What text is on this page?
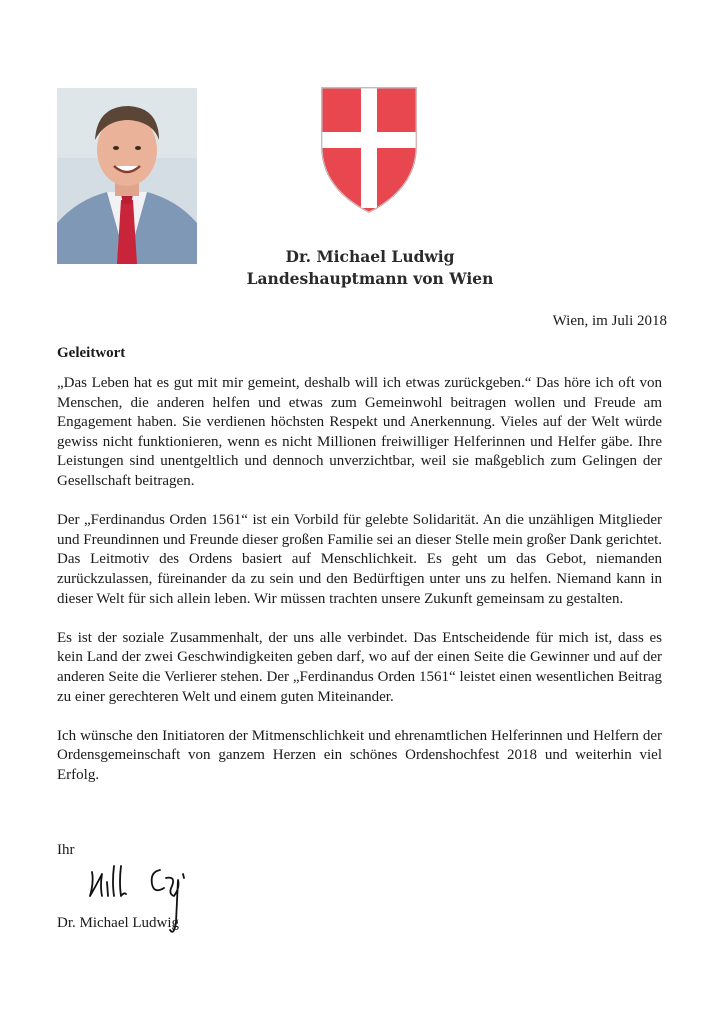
Dr. Michael Ludwig
Landeshauptmann von Wien
Wien, im Juli 2018
Geleitwort

„Das Leben hat es gut mit mir gemeint, deshalb will ich etwas zurückgeben.“ Das höre ich oft von Menschen, die anderen helfen und etwas zum Gemeinwohl beitragen wollen und Freude am Engagement haben. Sie verdienen höchsten Respekt und Anerkennung. Vieles auf der Welt würde gewiss nicht funktionieren, wenn es nicht Millionen freiwilliger Helferinnen und Helfer gäbe. Ihre Leistungen sind unentgeltlich und dennoch unverzichtbar, weil sie maßgeblich zum Gelingen der Gesellschaft beitragen.

Der „Ferdinandus Orden 1561“ ist ein Vorbild für gelebte Solidarität. An die unzähligen Mitglieder und Freundinnen und Freunde dieser großen Familie sei an dieser Stelle mein großer Dank gerichtet. Das Leitmotiv des Ordens basiert auf Menschlichkeit. Es geht um das Gebot, niemanden zurückzulassen, füreinander da zu sein und den Bedürftigen unter uns zu helfen. Niemand kann in dieser Welt für sich allein leben. Wir müssen trachten unsere Zukunft gemeinsam zu gestalten.

Es ist der soziale Zusammenhalt, der uns alle verbindet. Das Entscheidende für mich ist, dass es kein Land der zwei Geschwindigkeiten geben darf, wo auf der einen Seite die Gewinner und auf der anderen Seite die Verlierer stehen. Der „Ferdinandus Orden 1561“ leistet einen wesentlichen Beitrag zu einer gerechteren Welt und einem guten Miteinander.

Ich wünsche den Initiatoren der Mitmenschlichkeit und ehrenamtlichen Helferinnen und Helfern der Ordensgemeinschaft von ganzem Herzen ein schönes Ordenshochfest 2018 und weiterhin viel Erfolg.

Ihr
Dr. Michael Ludwig
